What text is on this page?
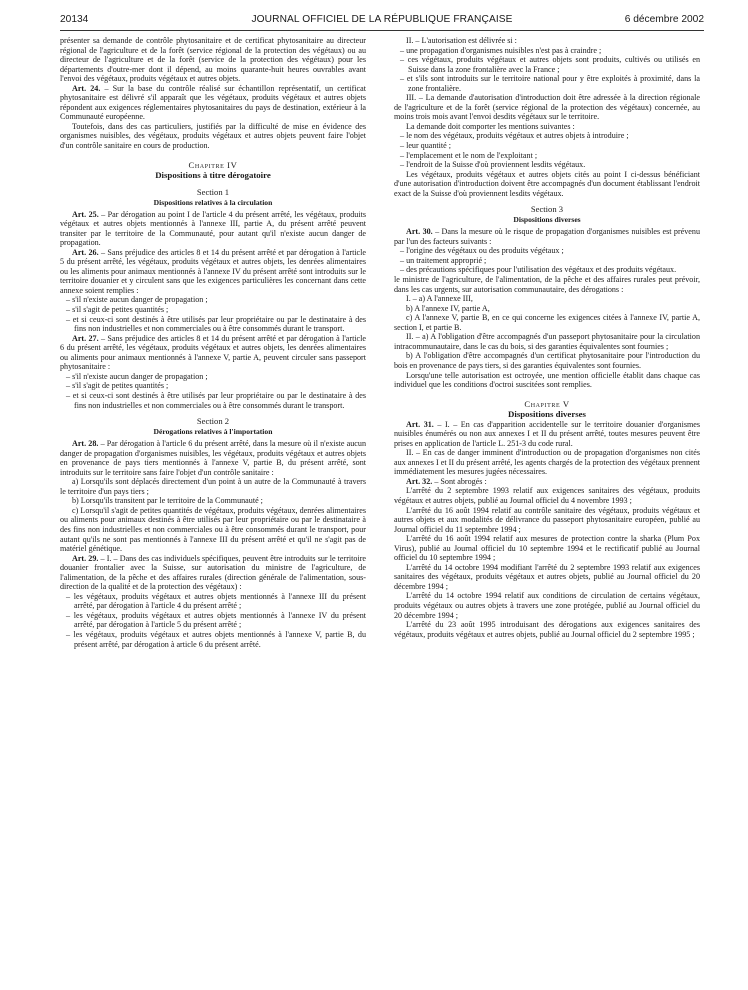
20134	JOURNAL OFFICIEL DE LA RÉPUBLIQUE FRANÇAISE	6 décembre 2002

présenter sa demande de contrôle phytosanitaire et de certificat phytosanitaire au directeur régional de l'agriculture et de la forêt (service régional de la protection des végétaux) ou au directeur de l'agriculture et de la forêt (service de la protection des végétaux) pour les départements d'outre-mer dont il dépend, au moins quarante-huit heures ouvrables avant l'envoi des végétaux, produits végétaux et autres objets.

Art. 24. – Sur la base du contrôle réalisé sur échantillon représentatif, un certificat phytosanitaire est délivré s'il apparaît que les végétaux, produits végétaux et autres objets répondent aux exigences réglementaires phytosanitaires du pays de destination, extérieur à la Communauté européenne.

Toutefois, dans des cas particuliers, justifiés par la difficulté de mise en évidence des organismes nuisibles, des végétaux, produits végétaux et autres objets peuvent faire l'objet d'un contrôle sanitaire en cours de production.

Chapitre IV
Dispositions à titre dérogatoire
Section 1
Dispositions relatives à la circulation

Art. 25. – Par dérogation au point I de l'article 4 du présent arrêté, les végétaux, produits végétaux et autres objets mentionnés à l'annexe III, partie A, du présent arrêté peuvent transiter par le territoire de la Communauté, pour autant qu'il n'existe aucun danger de propagation.

Art. 26. – Sans préjudice des articles 8 et 14 du présent arrêté et par dérogation à l'article 5 du présent arrêté, les végétaux, produits végétaux et autres objets, les denrées alimentaires ou les aliments pour animaux mentionnés à l'annexe IV du présent arrêté sont introduits sur le territoire douanier et y circulent sans que les exigences particulières les concernant dans cette annexe soient remplies :

– s'il n'existe aucun danger de propagation ;

– s'il s'agit de petites quantités ;

– et si ceux-ci sont destinés à être utilisés par leur propriétaire ou par le destinataire à des fins non industrielles et non commerciales ou à être consommés durant le transport.

Art. 27. – Sans préjudice des articles 8 et 14 du présent arrêté et par dérogation à l'article 6 du présent arrêté, les végétaux, produits végétaux et autres objets, les denrées alimentaires ou aliments pour animaux mentionnés à l'annexe V, partie A, peuvent circuler sans passeport phytosanitaire :

– s'il n'existe aucun danger de propagation ;

– s'il s'agit de petites quantités ;

– et si ceux-ci sont destinés à être utilisés par leur propriétaire ou par le destinataire à des fins non industrielles et non commerciales ou à être consommés durant le transport.

Section 2
Dérogations relatives à l'importation

Art. 28. – Par dérogation à l'article 6 du présent arrêté, dans la mesure où il n'existe aucun danger de propagation d'organismes nuisibles, les végétaux, produits végétaux et autres objets en provenance de pays tiers mentionnés à l'annexe V, partie B, du présent arrêté, sont introduits sur le territoire sans faire l'objet d'un contrôle sanitaire :

a) Lorsqu'ils sont déplacés directement d'un point à un autre de la Communauté à travers le territoire d'un pays tiers ;

b) Lorsqu'ils transitent par le territoire de la Communauté ;

c) Lorsqu'il s'agit de petites quantités de végétaux, produits végétaux, denrées alimentaires ou aliments pour animaux destinés à être utilisés par leur propriétaire ou par le destinataire à des fins non industrielles et non commerciales ou à être consommés durant le transport, pour autant qu'ils ne sont pas mentionnés à l'annexe III du présent arrêté et qu'il ne s'agit pas de matériel génétique.

Art. 29. – I. – Dans des cas individuels spécifiques, peuvent être introduits sur le territoire douanier frontalier avec la Suisse, sur autorisation du ministre de l'agriculture, de l'alimentation, de la pêche et des affaires rurales (direction générale de l'alimentation, sous-direction de la qualité et de la protection des végétaux) :

– les végétaux, produits végétaux et autres objets mentionnés à l'annexe III du présent arrêté, par dérogation à l'article 4 du présent arrêté ;

– les végétaux, produits végétaux et autres objets mentionnés à l'annexe IV du présent arrêté, par dérogation à l'article 5 du présent arrêté ;

– les végétaux, produits végétaux et autres objets mentionnés à l'annexe V, partie B, du présent arrêté, par dérogation à article 6 du présent arrêté.

II. – L'autorisation est délivrée si :

– une propagation d'organismes nuisibles n'est pas à craindre ;

– ces végétaux, produits végétaux et autres objets sont produits, cultivés ou utilisés en Suisse dans la zone frontalière avec la France ;

– et s'ils sont introduits sur le territoire national pour y être exploités à proximité, dans la zone frontalière.

III. – La demande d'autorisation d'introduction doit être adressée à la direction régionale de l'agriculture et de la forêt (service régional de la protection des végétaux) concernée, au moins trois mois avant l'envoi desdits végétaux sur le territoire.

La demande doit comporter les mentions suivantes :

– le nom des végétaux, produits végétaux et autres objets à introduire ;

– leur quantité ;

– l'emplacement et le nom de l'exploitant ;

– l'endroit de la Suisse d'où proviennent lesdits végétaux.

Les végétaux, produits végétaux et autres objets cités au point I ci-dessus bénéficiant d'une autorisation d'introduction doivent être accompagnés d'un document établissant l'endroit exact de la Suisse d'où proviennent lesdits végétaux.

Section 3
Dispositions diverses

Art. 30. – Dans la mesure où le risque de propagation d'organismes nuisibles est prévenu par l'un des facteurs suivants :

– l'origine des végétaux ou des produits végétaux ;

– un traitement approprié ;

– des précautions spécifiques pour l'utilisation des végétaux et des produits végétaux.

le ministre de l'agriculture, de l'alimentation, de la pêche et des affaires rurales peut prévoir, dans les cas urgents, sur autorisation communautaire, des dérogations :

I. – a) A l'annexe III,

b) A l'annexe IV, partie A,

c) A l'annexe V, partie B, en ce qui concerne les exigences citées à l'annexe IV, partie A, section I, et partie B.

II. – a) A l'obligation d'être accompagnés d'un passeport phytosanitaire pour la circulation intracommunautaire, dans le cas du bois, si des garanties équivalentes sont fournies ;

b) A l'obligation d'être accompagnés d'un certificat phytosanitaire pour l'introduction du bois en provenance de pays tiers, si des garanties équivalentes sont fournies.

Lorsqu'une telle autorisation est octroyée, une mention officielle établit dans chaque cas individuel que les conditions d'octroi suscitées sont remplies.

Chapitre V
Dispositions diverses

Art. 31. – I. – En cas d'apparition accidentelle sur le territoire douanier d'organismes nuisibles énumérés ou non aux annexes I et II du présent arrêté, toutes mesures peuvent être prises en application de l'article L. 251-3 du code rural.

II. – En cas de danger imminent d'introduction ou de propagation d'organismes non cités aux annexes I et II du présent arrêté, les agents chargés de la protection des végétaux prennent immédiatement les mesures jugées nécessaires.

Art. 32. – Sont abrogés :

L'arrêté du 2 septembre 1993 relatif aux exigences sanitaires des végétaux, produits végétaux et autres objets, publié au Journal officiel du 4 novembre 1993 ;

L'arrêté du 16 août 1994 relatif au contrôle sanitaire des végétaux, produits végétaux et autres objets et aux modalités de délivrance du passeport phytosanitaire européen, publié au Journal officiel du 11 septembre 1994 ;

L'arrêté du 16 août 1994 relatif aux mesures de protection contre la sharka (Plum Pox Virus), publié au Journal officiel du 10 septembre 1994 et le rectificatif publié au Journal officiel du 10 septembre 1994 ;

L'arrêté du 14 octobre 1994 modifiant l'arrêté du 2 septembre 1993 relatif aux exigences sanitaires des végétaux, produits végétaux et autres objets, publié au Journal officiel du 20 décembre 1994 ;

L'arrêté du 14 octobre 1994 relatif aux conditions de circulation de certains végétaux, produits végétaux ou autres objets à travers une zone protégée, publié au Journal officiel du 20 décembre 1994 ;

L'arrêté du 23 août 1995 introduisant des dérogations aux exigences sanitaires des végétaux, produits végétaux et autres objets, publié au Journal officiel du 2 septembre 1995 ;
